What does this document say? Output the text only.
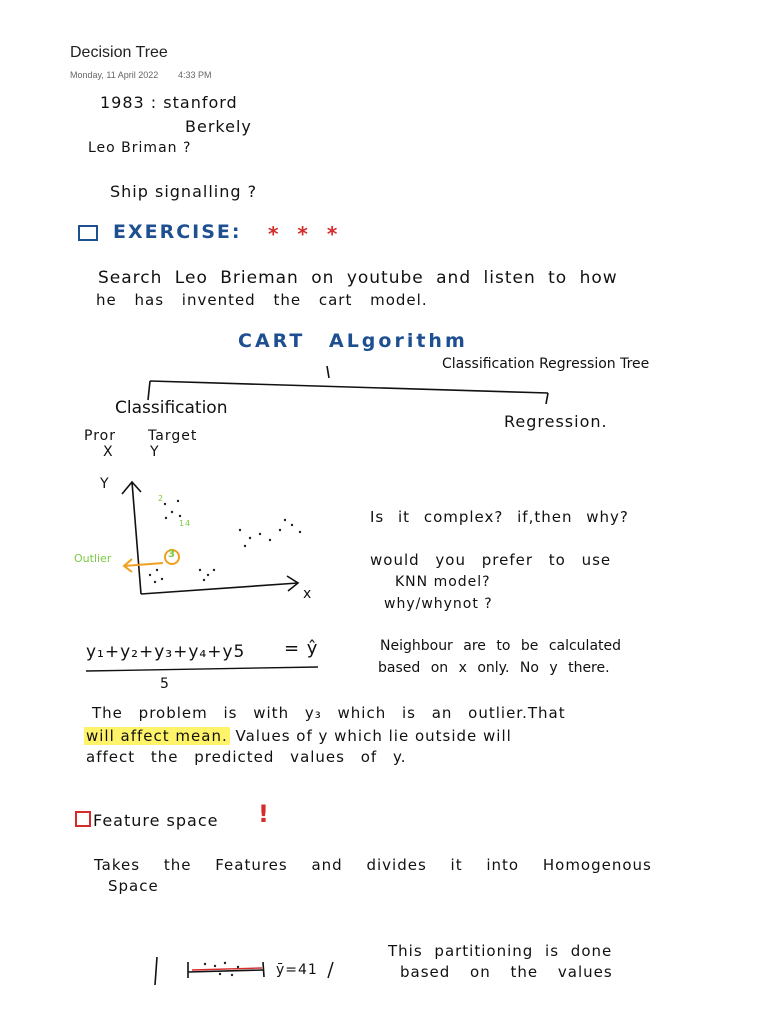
Decision Tree
Monday, 11 April 2022 4:33 PM
1983 : stanford
Berkely
Leo Briman ?
Ship signalling ?
EXERCISE: * * *
Search Leo Brieman on youtube and listen to how
he has invented the cart model.
CART ALgorithm
Classification Regression Tree
Classification
Regression.
Pror
X
Target
Y
Y
x
Outlier	3
2
1 4	Is it complex? if,then why?
would you prefer to use
KNN model?
why/whynot ?
Neighbour are to be calculated
based on x only. No y there.
y₁+y₂+y₃+y₄+y5 = ŷ
5
The problem is with y₃ which is an outlier.That
will affect mean. Values of y which lie outside will
affect the predicted values of y.
Feature space !
Takes the Features and divides it into Homogenous
Space
ȳ=41
This partitioning is done
based on the values
